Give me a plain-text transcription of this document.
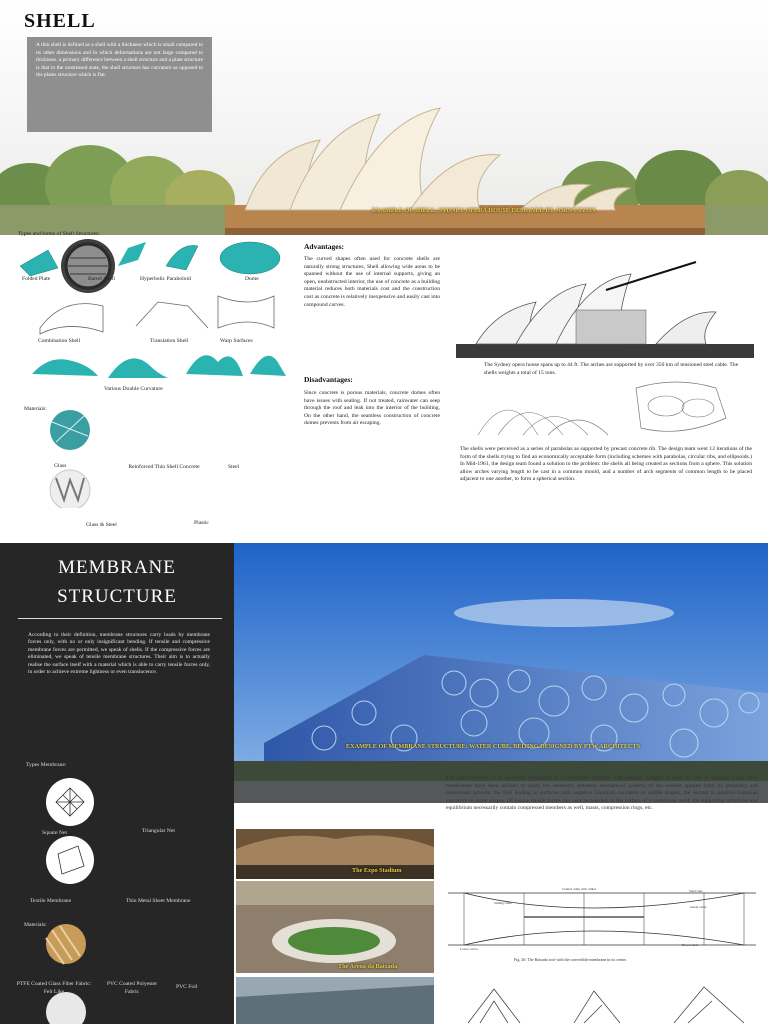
SHELL
A thin shell is defined as a shell with a thickness which is small compared to its other dimensions and in which deformations are not large compared to thickness. a primary difference between a shell structure and a plate structure is that in the unstressed state, the shell structure has curvature as opposed to the plates structure which is flat.
EXAMPLE OF SHELL: SYDNEY OPERA HOUSE DESIGNED BY JORN UTZON
Types and forms of Shell Structures:
Folded Plate	Barrel Shell	Hyperbolic Paraboloid	Dome
Combination Shell	Translation Shell	Warp Surfaces
Various Double Curvature
Materials:
Glass	Reinforced Thin Shell Concrete	Steel
Glass & Steel	Plastic
Advantages:
The curved shapes often used for concrete shells are naturally strong structures, Shell allowing wide areas to be spanned without the use of internal supports, giving an open, unobstructed interior, the use of concrete as a building material reduces both materials cost and the construction cost as concrete is relatively inexpensive and easily cast into compound curves.
Disadvantages:
Since concrete is porous materials, concrete domes often have issues with sealing. If not treated, rainwater can seep through the roof and leak into the interior of the building. On the other hand, the seamless construction of concrete domes prevents from air escaping.
The Sydney opera house spans up to 44 ft. The arches are supported by over 350 km of tensioned steel cable. The shells weights a total of 15 tons.
The shells were perceived as a series of parabolas as supported by precast concrete rib. The design team went 12 iterations of the form of the shells trying to find an economically acceptable form (including schemes with parabolas, circular ribs, and ellipsoids.) In Mid-1961, the design team found a solution to the problem: the shells all being created as sections from a sphere. This solution allow arches varying length to be cast in a common mould, and a number of arch segments of common length to be placed adjacent to one another, to form a spherical section.
MEMBRANE
STRUCTURE
According to their definition, membrane structures carry loads by membrane forces only, with no or only insignificant bending. If tensile and compressive membrane forces are permitted, we speak of shells. If the compressive forces are eliminated, we speak of tensile membrane structures. Their aim is to actually realise the surface itself with a material which is able to carry tensile forces only, in order to achieve extreme lightness or even translucence.
Types Membrane:
Square Net	Triangular Net
Textile Membrane	Thin Metal Sheet Membrane
Materials:
PTFE Coated Glass Fiber Fabric: Felt Like
PVC Coated Polyester Fabric
PVC Foil
EXAMPLE OF MEMBRANE STRUCTURE: WATER CUBE, BEIJING DESIGNED BY PTW ARCHITECTS
The Expo Pavilion is an excellent exemplary of a membrane structure with hanging weights or drain in case of hanging roofs, these membranes have been utilised to apply the necessary prestress mechanical systems of the surface applied from its periphery and prestressed process, the first leading to surfaces with negative Gaussian curvature or saddle shapes, the second to positive Gaussian curvature or dome shapes. Of course tensile forces can only be resisted on the surface of a membrane itself, the supporting structures and equilibrium necessarily contain compressed members as well, masts, compression rings, etc.
The Expo Stadium
The Arena da Baixada
Central cable with cables
Sliding cable
Guide cable
Steel rope
Lower cab le
Down cable
Fig. 26: The Baixada roof with the convertible membrane in its centre.
